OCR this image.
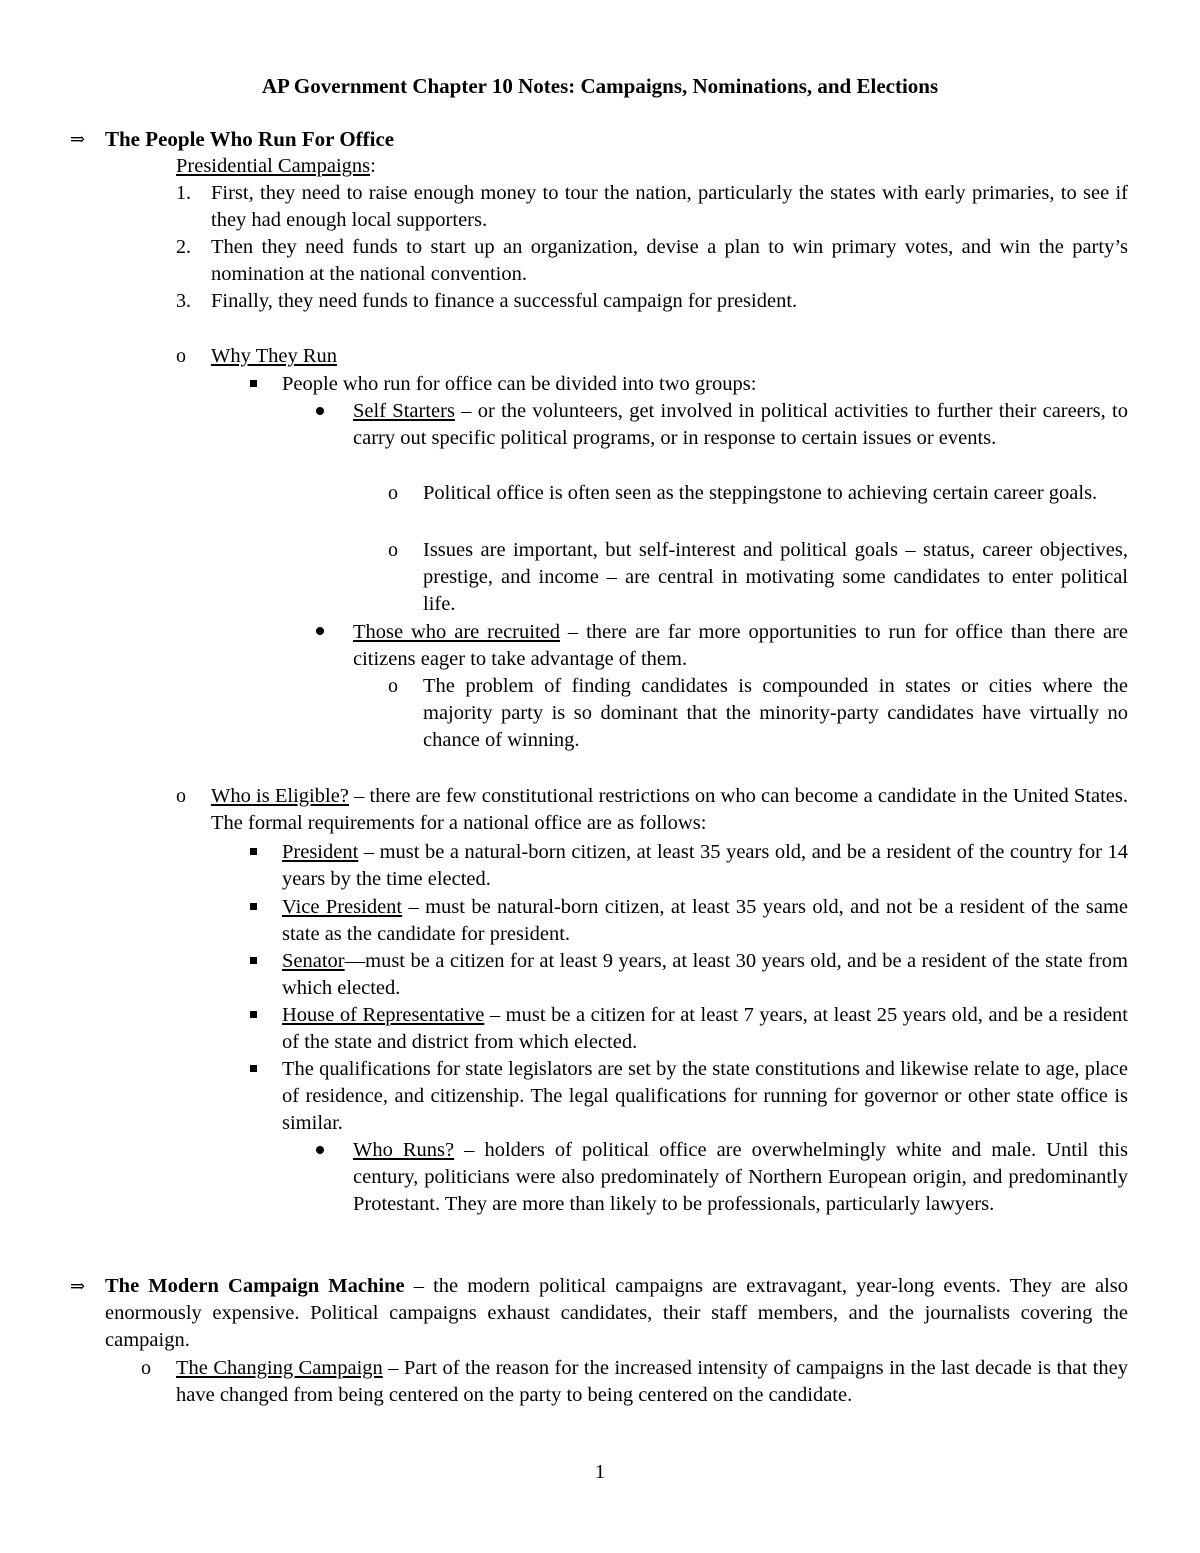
AP Government Chapter 10 Notes: Campaigns, Nominations, and Elections
⇒ The People Who Run For Office
Presidential Campaigns:
1. First, they need to raise enough money to tour the nation, particularly the states with early primaries, to see if they had enough local supporters.
2. Then they need funds to start up an organization, devise a plan to win primary votes, and win the party’s nomination at the national convention.
3. Finally, they need funds to finance a successful campaign for president.
o Why They Run
People who run for office can be divided into two groups:
Self Starters – or the volunteers, get involved in political activities to further their careers, to carry out specific political programs, or in response to certain issues or events.
o Political office is often seen as the steppingstone to achieving certain career goals.
o Issues are important, but self-interest and political goals – status, career objectives, prestige, and income – are central in motivating some candidates to enter political life.
Those who are recruited – there are far more opportunities to run for office than there are citizens eager to take advantage of them.
o The problem of finding candidates is compounded in states or cities where the majority party is so dominant that the minority-party candidates have virtually no chance of winning.
o Who is Eligible? – there are few constitutional restrictions on who can become a candidate in the United States. The formal requirements for a national office are as follows:
President – must be a natural-born citizen, at least 35 years old, and be a resident of the country for 14 years by the time elected.
Vice President – must be natural-born citizen, at least 35 years old, and not be a resident of the same state as the candidate for president.
Senator—must be a citizen for at least 9 years, at least 30 years old, and be a resident of the state from which elected.
House of Representative – must be a citizen for at least 7 years, at least 25 years old, and be a resident of the state and district from which elected.
The qualifications for state legislators are set by the state constitutions and likewise relate to age, place of residence, and citizenship. The legal qualifications for running for governor or other state office is similar.
Who Runs? – holders of political office are overwhelmingly white and male. Until this century, politicians were also predominately of Northern European origin, and predominantly Protestant. They are more than likely to be professionals, particularly lawyers.
⇒ The Modern Campaign Machine – the modern political campaigns are extravagant, year-long events. They are also enormously expensive. Political campaigns exhaust candidates, their staff members, and the journalists covering the campaign.
o The Changing Campaign – Part of the reason for the increased intensity of campaigns in the last decade is that they have changed from being centered on the party to being centered on the candidate.
1
